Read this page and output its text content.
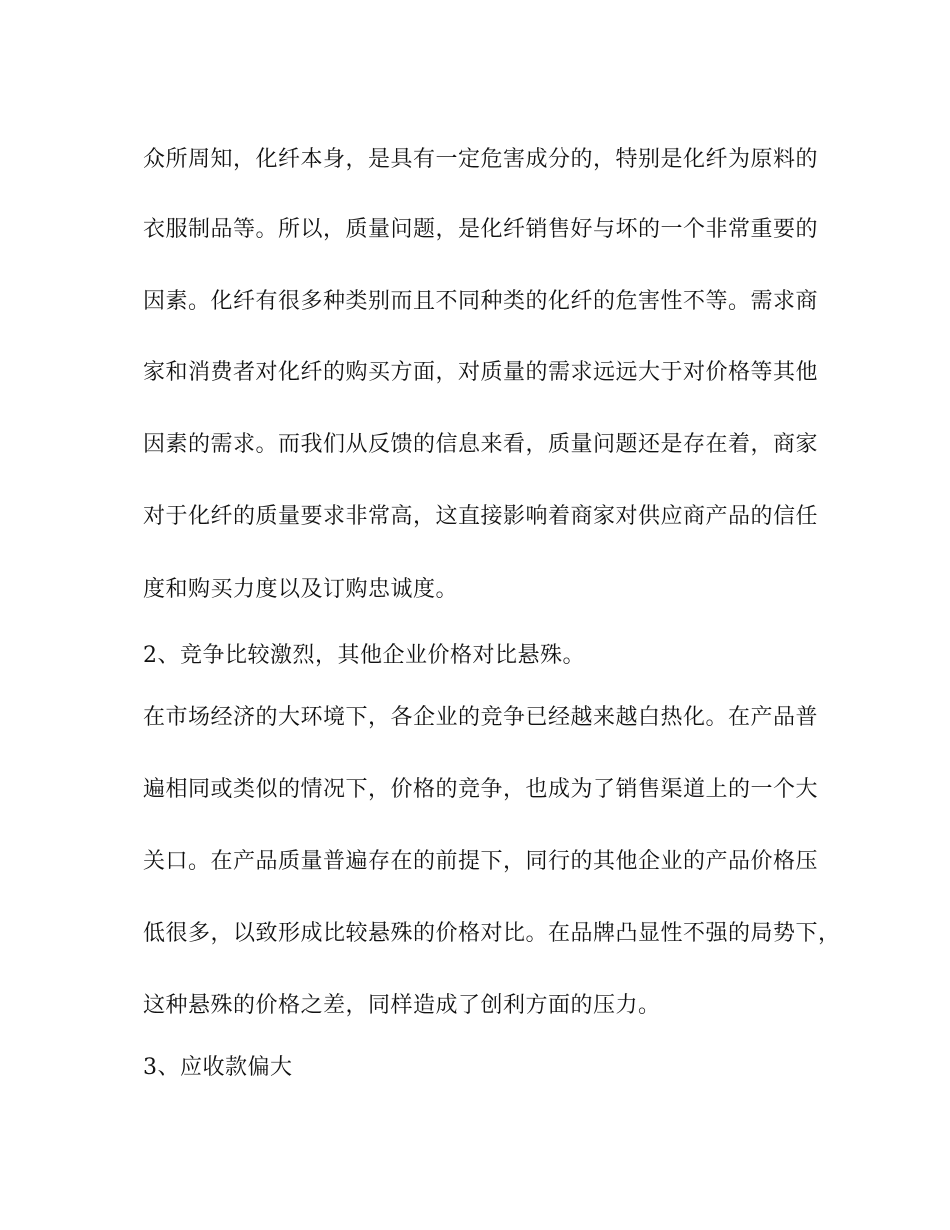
众所周知，化纤本身，是具有一定危害成分的，特别是化纤为原料的

衣服制品等。所以，质量问题，是化纤销售好与坏的一个非常重要的

因素。化纤有很多种类别而且不同种类的化纤的危害性不等。需求商

家和消费者对化纤的购买方面，对质量的需求远远大于对价格等其他

因素的需求。而我们从反馈的信息来看，质量问题还是存在着，商家

对于化纤的质量要求非常高，这直接影响着商家对供应商产品的信任

度和购买力度以及订购忠诚度。

2、竞争比较激烈，其他企业价格对比悬殊。

在市场经济的大环境下，各企业的竞争已经越来越白热化。在产品普

遍相同或类似的情况下，价格的竞争，也成为了销售渠道上的一个大

关口。在产品质量普遍存在的前提下，同行的其他企业的产品价格压

低很多，以致形成比较悬殊的价格对比。在品牌凸显性不强的局势下，

这种悬殊的价格之差，同样造成了创利方面的压力。

3、应收款偏大
